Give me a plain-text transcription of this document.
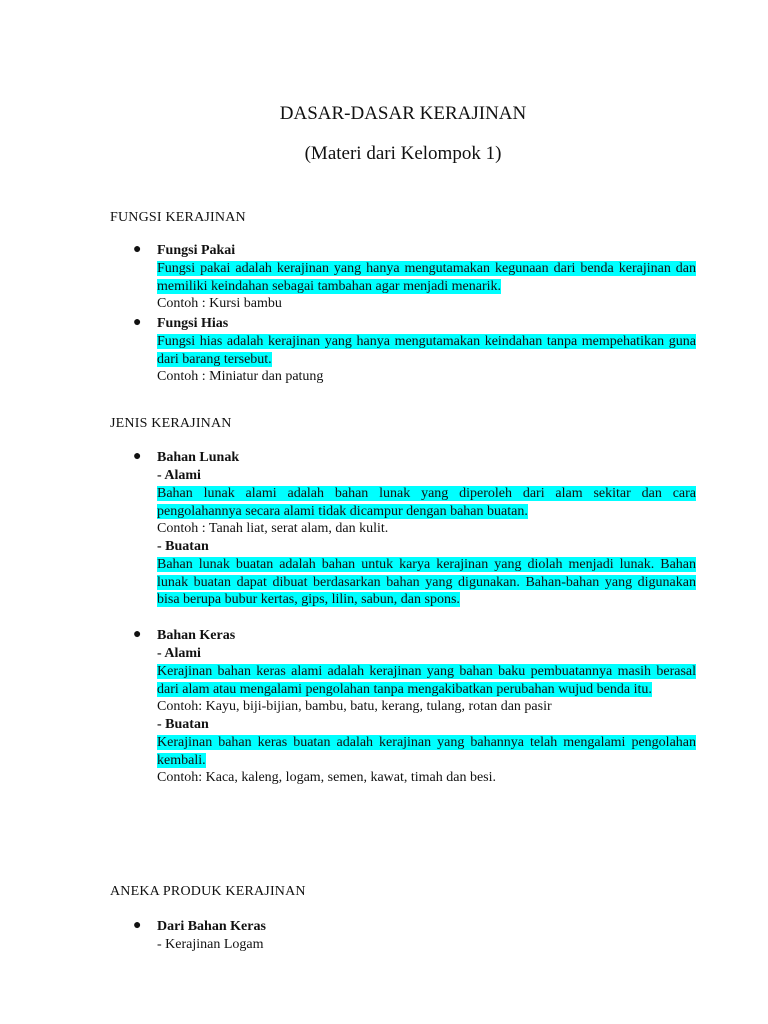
DASAR-DASAR KERAJINAN
(Materi dari Kelompok 1)
FUNGSI KERAJINAN
● Fungsi Pakai
Fungsi pakai adalah kerajinan yang hanya mengutamakan kegunaan dari benda kerajinan dan memiliki keindahan sebagai tambahan agar menjadi menarik.
Contoh : Kursi bambu
● Fungsi Hias
Fungsi hias adalah kerajinan yang hanya mengutamakan keindahan tanpa mempehatikan guna dari barang tersebut.
Contoh : Miniatur dan patung
JENIS KERAJINAN
● Bahan Lunak
- Alami
Bahan lunak alami adalah bahan lunak yang diperoleh dari alam sekitar dan cara pengolahannya secara alami tidak dicampur dengan bahan buatan.
Contoh : Tanah liat, serat alam, dan kulit.
- Buatan
Bahan lunak buatan adalah bahan untuk karya kerajinan yang diolah menjadi lunak. Bahan lunak buatan dapat dibuat berdasarkan bahan yang digunakan. Bahan-bahan yang digunakan bisa berupa bubur kertas, gips, lilin, sabun, dan spons.
● Bahan Keras
- Alami
Kerajinan bahan keras alami adalah kerajinan yang bahan baku pembuatannya masih berasal dari alam atau mengalami pengolahan tanpa mengakibatkan perubahan wujud benda itu.
Contoh: Kayu, biji-bijian, bambu, batu, kerang, tulang, rotan dan pasir
- Buatan
Kerajinan bahan keras buatan adalah kerajinan yang bahannya telah mengalami pengolahan kembali.
Contoh: Kaca, kaleng, logam, semen, kawat, timah dan besi.
ANEKA PRODUK KERAJINAN
● Dari Bahan Keras
- Kerajinan Logam
